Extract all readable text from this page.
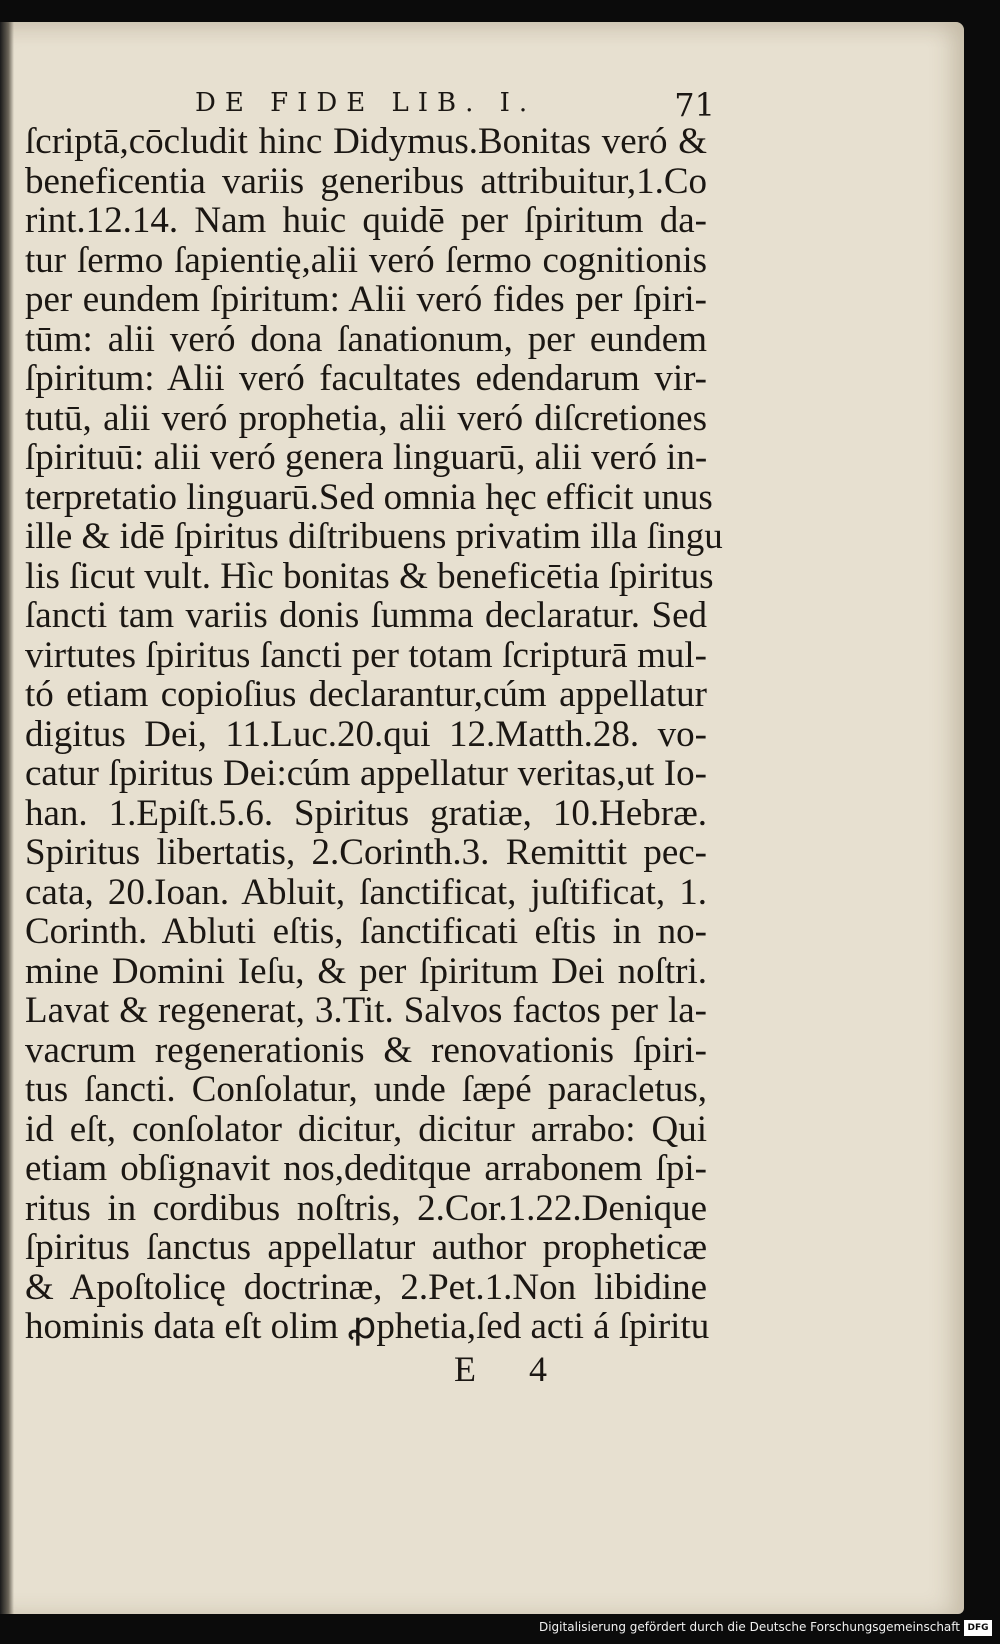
DE FIDE LIB. I.	71
ſcriptā,cōcludit hinc Didymus.Bonitas veró &
beneficentia variis generibus attribuitur,1.Co
rint.12.14. Nam huic quidē per ſpiritum da-
tur ſermo ſapientię,alii veró ſermo cognitionis
per eundem ſpiritum: Alii veró fides per ſpiri-
tūm: alii veró dona ſanationum, per eundem
ſpiritum: Alii veró facultates edendarum vir-
tutū, alii veró prophetia, alii veró diſcretiones
ſpirituū: alii veró genera linguarū, alii veró in-
terpretatio linguarū.Sed omnia hęc efficit unus
ille & idē ſpiritus diſtribuens privatim illa ſingu
lis ſicut vult. Hìc bonitas & beneficētia ſpiritus
ſancti tam variis donis ſumma declaratur. Sed
virtutes ſpiritus ſancti per totam ſcripturā mul-
tó etiam copioſius declarantur,cúm appellatur
digitus Dei, 11.Luc.20.qui 12.Matth.28. vo-
catur ſpiritus Dei:cúm appellatur veritas,ut Io-
han. 1.Epiſt.5.6. Spiritus gratiæ, 10.Hebræ.
Spiritus libertatis, 2.Corinth.3. Remittit pec-
cata, 20.Ioan. Abluit, ſanctificat, juſtificat, 1.
Corinth. Abluti eſtis, ſanctificati eſtis in no-
mine Domini Ieſu, & per ſpiritum Dei noſtri.
Lavat & regenerat, 3.Tit. Salvos factos per la-
vacrum regenerationis & renovationis ſpiri-
tus ſancti. Conſolatur, unde ſæpé paracletus,
id eſt, conſolator dicitur, dicitur arrabo: Qui
etiam obſignavit nos,deditque arrabonem ſpi-
ritus in cordibus noſtris, 2.Cor.1.22.Denique
ſpiritus ſanctus appellatur author propheticæ
& Apoſtolicę doctrinæ, 2.Pet.1.Non libidine
hominis data eſt olim ꝓphetia,ſed acti á ſpiritu
E 4
Digitalisierung gefördert durch die Deutsche Forschungsgemeinschaft DFG
